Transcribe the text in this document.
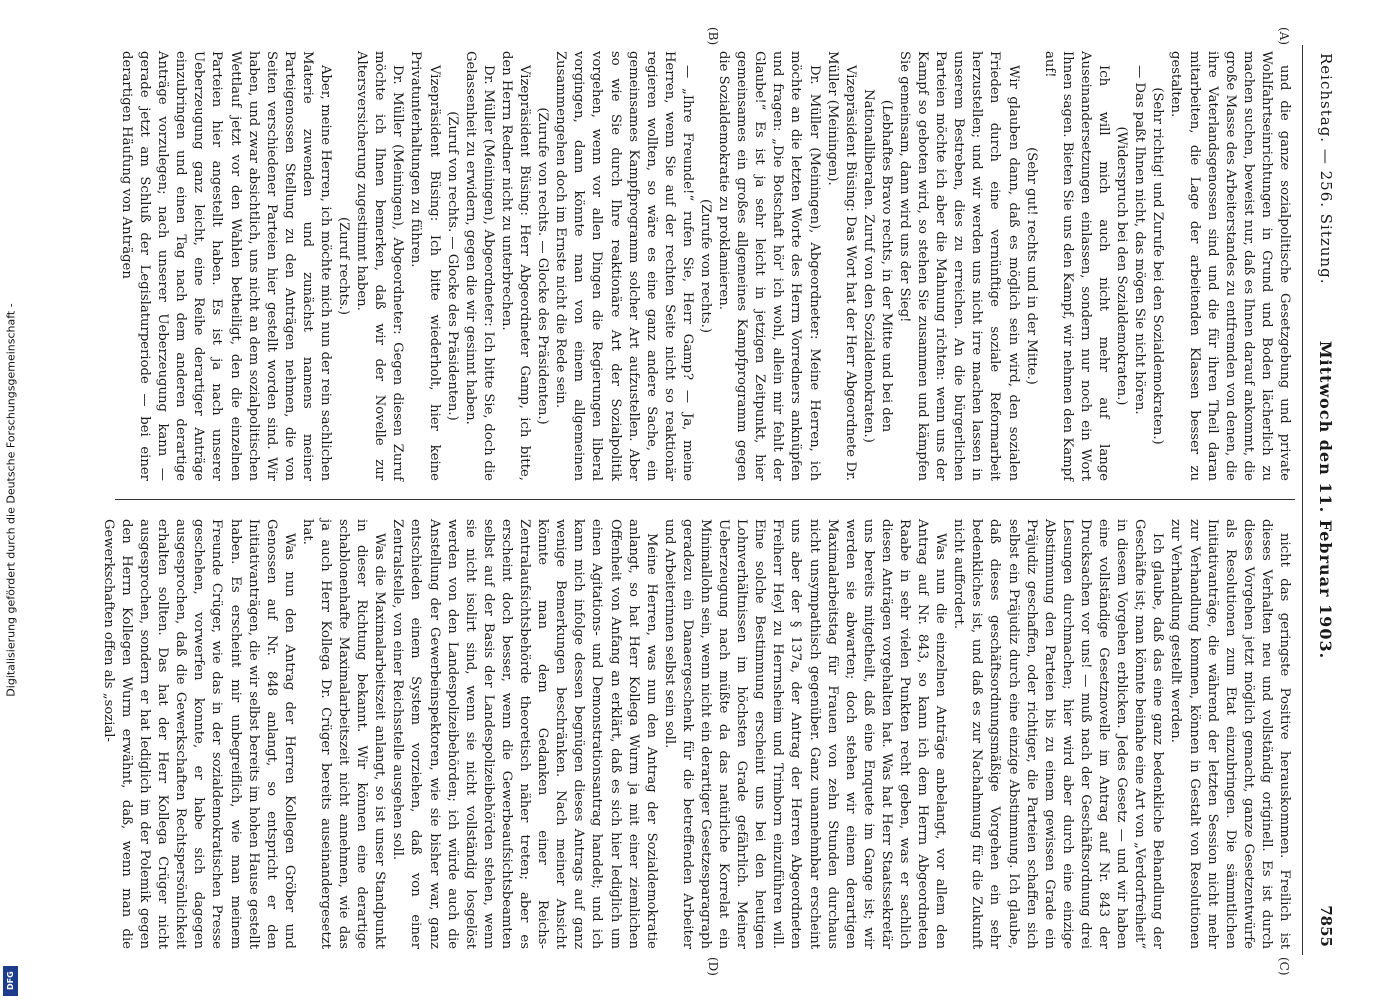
Digitalisierung gefördert durch die Deutsche Forschungsgemeinschaft -
DFG
Reichstag. — 256. Sitzung.
Mittwoch den 11. Februar 1903.
7855
(A)
(B)
(C)
(D)

und die ganze sozialpolitische Gesetzgebung und private Wohlfahrtseinrichtungen in Grund und Boden lächerlich zu machen suchen, beweist nur, daß es Ihnen darauf ankommt, die große Masse des Arbeiterstandes zu entfremden von denen, die ihre Vaterlandsgenossen sind und die für ihren Theil daran mitarbeiten, die Lage der arbeitenden Klassen besser zu gestalten.

(Sehr richtig! und Zurufe bei den Sozialdemokraten.)

— Das paßt Ihnen nicht, das mögen Sie nicht hören.

(Widerspruch bei den Sozialdemokraten.)

Ich will mich auch nicht mehr auf lange Auseinandersetzungen einlassen, sondern nur noch ein Wort Ihnen sagen. Bieten Sie uns den Kampf, wir nehmen den Kampf auf!

(Sehr gut! rechts und in der Mitte.)

Wir glauben dann, daß es möglich sein wird, den sozialen Frieden durch eine vernünftige soziale Reformarbeit herzustellen; und wir werden uns nicht irre machen lassen in unserem Bestreben, dies zu erreichen. An die bürgerlichen Parteien möchte ich aber die Mahnung richten: wenn uns der Kampf so geboten wird, so stehen Sie zusammen und kämpfen Sie gemeinsam, dann wird uns der Sieg!

(Lebhaftes Bravo rechts, in der Mitte und bei den Nationalliberalen. Zuruf von den Sozialdemokraten.)

Vizepräsident Büsing: Das Wort hat der Herr Abgeordnete Dr. Müller (Meiningen).

Dr. Müller (Meiningen), Abgeordneter: Meine Herren, ich möchte an die letzten Worte des Herrn Vorredners anknüpfen und fragen: „Die Botschaft hör' ich wohl, allein mir fehlt der Glaube!“ Es ist ja sehr leicht in jetzigen Zeitpunkt, hier gemeinsames ein großes allgemeines Kampfprogramm gegen die Sozialdemokratie zu proklamieren.

(Zurufe von rechts.)

— „Ihre Freunde!“ rufen Sie, Herr Gamp? — Ja, meine Herren, wenn Sie auf der rechten Seite nicht so reaktionär regieren wollten, so wäre es eine ganz andere Sache, ein gemeinsames Kampfprogramm solcher Art aufzustellen. Aber so wie Sie durch Ihre reaktionäre Art der Sozialpolitik vorgehen, wenn vor allen Dingen die Regierungen liberal vorgingen, dann könnte man von einem allgemeinen Zusammengehen doch im Ernste nicht die Rede sein.

(Zurufe von rechts. — Glocke des Präsidenten.)

Vizepräsident Büsing: Herr Abgeordneter Gamp, ich bitte, den Herrn Redner nicht zu unterbrechen.

Dr. Müller (Meiningen), Abgeordneter: Ich bitte Sie, doch die Gelassenheit zu erwidern, gegen die wir gesinnt haben.

(Zuruf von rechts. — Glocke des Präsidenten.)

Vizepräsident Büsing: Ich bitte wiederholt, hier keine Privatunterhaltungen zu führen.

Dr. Müller (Meiningen), Abgeordneter: Gegen diesen Zuruf möchte ich Ihnen bemerken, daß wir der Novelle zur Altersversicherung zugestimmt haben.

(Zuruf rechts.)

Aber, meine Herren, ich möchte mich nun der rein sachlichen Materie zuwenden und zunächst namens meiner Parteigenossen Stellung zu den Anträgen nehmen, die von Seiten verschiedener Parteien hier gestellt worden sind. Wir haben, und zwar absichtlich, uns nicht an dem sozialpolitischen Wettlauf jetzt vor den Wahlen betheiligt, den die einzelnen Parteien hier angestellt haben. Es ist ja nach unserer Ueberzeugung ganz leicht, eine Reihe derartiger Anträge einzubringen und einen Tag nach dem anderen derartige Anträge vorzulegen; nach unserer Ueberzeugung kann — gerade jetzt am Schluß der Legislaturperiode — bei einer derartigen Häufung von Anträgen

nicht das geringste Positive herauskommen. Freilich ist dieses Verhalten neu und vollständig originell. Es ist durch dieses Vorgehen jetzt möglich gemacht, ganze Gesetzentwürfe als Resolutionen zum Etat einzubringen. Die sämmtlichen Initiativanträge, die während der letzten Session nicht mehr zur Verhandlung kommen, können in Gestalt von Resolutionen zur Verhandlung gestellt werden.

Ich glaube, daß das eine ganz bedenkliche Behandlung der Geschäfte ist; man könnte beinahe eine Art von „Verdorfreiheit“ in diesem Vorgehen erblicken. Jedes Gesetz — und wir haben eine vollständige Gesetznovelle im Antrag auf Nr. 843 der Drucksachen vor uns! — muß nach der Geschäftsordnung drei Lesungen durchmachen; hier wird aber durch eine einzige Abstimmung den Parteien bis zu einem gewissen Grade ein Präjudiz geschaffen, oder richtiger, die Parteien schaffen sich selbst ein Präjudiz durch eine einzige Abstimmung. Ich glaube, daß dieses geschäftsordnungsmäßige Vorgehen ein sehr bedenkliches ist, und daß es zur Nachahmung für die Zukunft nicht auffordert.

Was nun die einzelnen Anträge anbelangt, vor allem den Antrag auf Nr. 843, so kann ich dem Herrn Abgeordneten Raabe in sehr vielen Punkten recht geben, was er sachlich diesen Anträgen vorgehalten hat. Was hat Herr Staatssekretär uns bereits mitgetheilt, daß eine Enquete im Gange ist; wir werden sie abwarten; doch stehen wir einem derartigen Maximalarbeitstag für Frauen von zehn Stunden durchaus nicht unsympathisch gegenüber. Ganz unannehmbar erscheint uns aber der § 137a, der Antrag der Herren Abgeordneten Freiherr Heyl zu Herrnsheim und Trimborn einzuführen will. Eine solche Bestimmung erscheint uns bei den heutigen Lohnverhältnissen im höchsten Grade gefährlich. Meiner Ueberzeugung nach müßte da das natürliche Korrelat ein Minimallohn sein, wenn nicht ein derartiger Gesetzesparagraph geradezu ein Danaergeschenk für die betreffenden Arbeiter und Arbeiterinnen selbst sein soll.

Meine Herren, was nun den Antrag der Sozialdemokratie anlangt, so hat Herr Kollega Wurm ja mit einer ziemlichen Offenheit von Anfang an erklärt, daß es sich hier lediglich um einen Agitations- und Demonstrationsantrag handelt; und ich kann mich infolge dessen begnügen dieses Antrags auf ganz wenige Bemerkungen beschränken. Nach meiner Ansicht könnte man dem Gedanken einer Reichs-Zentralaufsichtsbehörde theoretisch näher treten; aber es erscheint doch besser, wenn die Gewerbeaufsichtsbeamten selbst auf der Basis der Landespolizeibehörden stehen, wenn sie nicht isolirt sind, wenn sie nicht vollständig losgelöst werden von den Landespolizeibehörden; ich würde auch die Anstellung der Gewerbeinspektoren, wie sie bisher war, ganz entschieden einem System vorziehen, daß von einer Zentralstelle, von einer Reichsstelle ausgehen soll.

Was die Maximalarbeitszeit anlangt, so ist unser Standpunkt in dieser Richtung bekannt. Wir können eine derartige schablonenhafte Maximalarbeitszeit nicht annehmen, wie das ja auch Herr Kollega Dr. Crüger bereits auseinandergesetzt hat.

Was nun den Antrag der Herren Kollegen Gröber und Genossen auf Nr. 848 anlangt, so entspricht er den Initiativanträgen, die wir selbst bereits im hohen Hause gestellt haben. Es erscheint mir unbegreiflich, wie man meinem Freunde Crüger, wie das in der sozialdemokratischen Presse geschehen, vorwerfen konnte, er habe sich dagegen ausgesprochen, daß die Gewerkschaften Rechtspersönlichkeit erhalten sollten. Das hat der Herr Kollega Crüger nicht ausgesprochen, sondern er hat lediglich im der Polemik gegen den Herrn Kollegen Wurm erwähnt, daß, wenn man die Gewerkschaften offen als „sozial-
